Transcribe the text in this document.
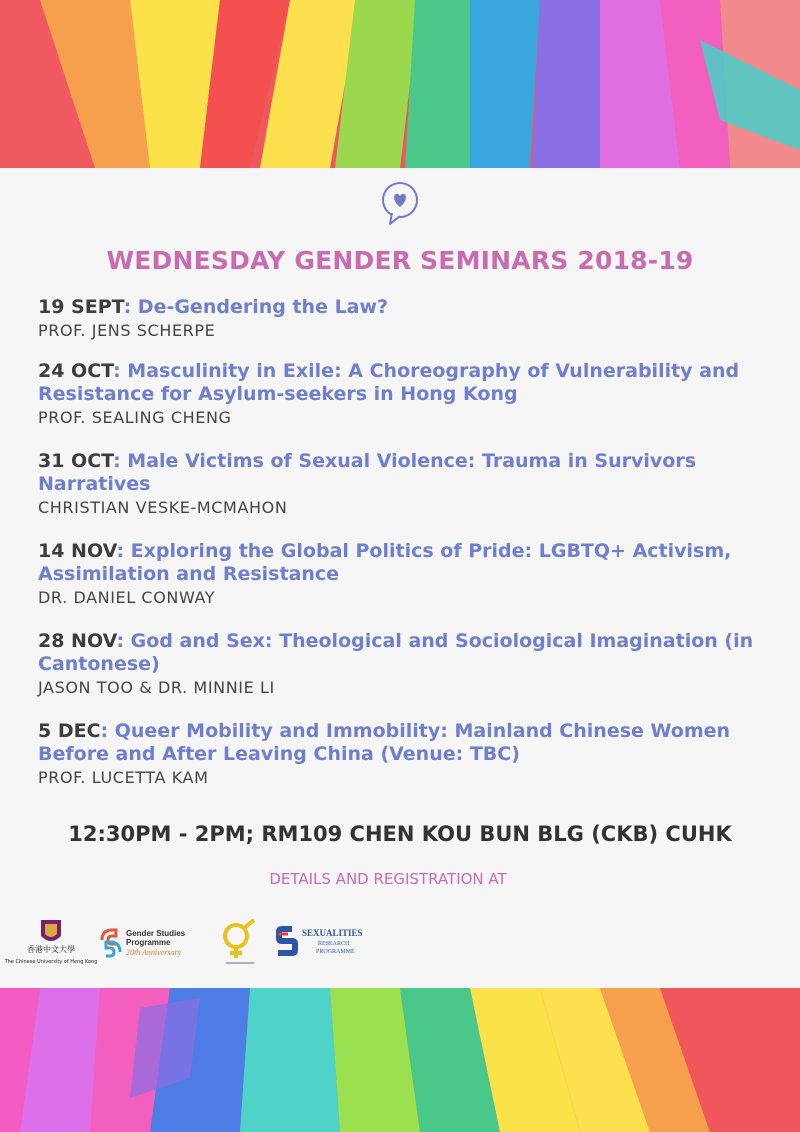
WEDNESDAY GENDER SEMINARS 2018-19
19 SEPT: De-Gendering the Law?
PROF. JENS SCHERPE
24 OCT: Masculinity in Exile: A Choreography of Vulnerability and Resistance for Asylum-seekers in Hong Kong
PROF. SEALING CHENG
31 OCT: Male Victims of Sexual Violence: Trauma in Survivors Narratives
CHRISTIAN VESKE-MCMAHON
14 NOV: Exploring the Global Politics of Pride: LGBTQ+ Activism, Assimilation and Resistance
DR. DANIEL CONWAY
28 NOV: God and Sex: Theological and Sociological Imagination (in Cantonese)
JASON TOO & DR. MINNIE LI
5 DEC: Queer Mobility and Immobility: Mainland Chinese Women Before and After Leaving China (Venue: TBC)
PROF. LUCETTA KAM
12:30PM - 2PM; RM109 CHEN KOU BUN BLG (CKB) CUHK
DETAILS AND REGISTRATION AT
香港中文大學
The Chinese University of Hong Kong
Gender Studies
Programme
20th Anniversary
SEXUALITIES
RESEARCH
PROGRAMME
